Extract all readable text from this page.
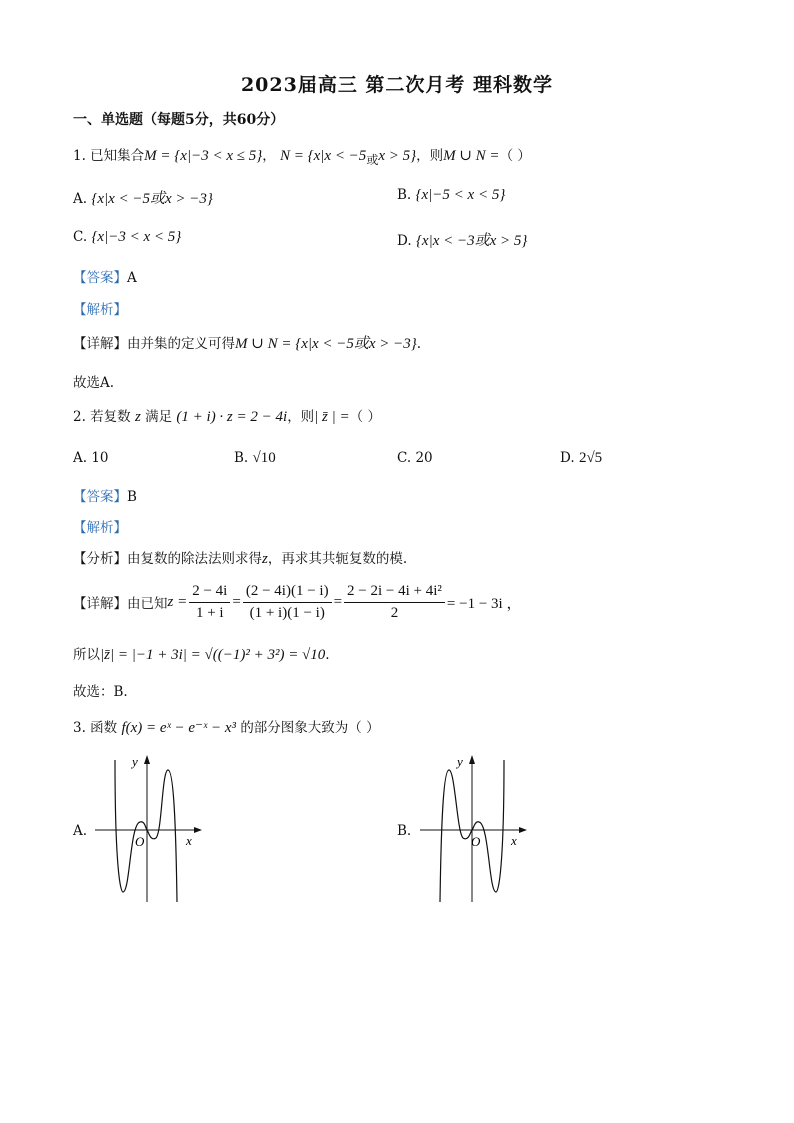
2023届高三 第二次月考 理科数学
一、单选题（每题5分，共60分）
1. 已知集合M = {x|−3 < x ≤ 5}， N = {x|x < −5或x > 5}，则M ∪ N =（ ）
A. {x|x < −5或x > −3}	B. {x|−5 < x < 5}
C. {x|−3 < x < 5}	D. {x|x < −3或x > 5}
【答案】A
【解析】
【详解】由并集的定义可得M ∪ N = {x|x < −5或x > −3}.
故选A.
2. 若复数 z 满足 (1 + i) · z = 2 − 4i，则| z̄ | =（ ）
A. 10	B. √10	C. 20	D. 2√5
【答案】B
【解析】
【分析】由复数的除法法则求得z，再求其共轭复数的模.
【详解】 由已知 $z = \frac{2 - 4i}{1 + i} = \frac{(2 - 4i)(1 - i)}{(1 + i)(1 - i)} = \frac{\text{2 − 2i − 4i + 4i²}}{2} = -1 - 3i$ ，
所以|z̄| = |−1 + 3i| = √((−1)² + 3²) = √10.
故选：B.
3. 函数 f(x) = eˣ − e⁻ˣ − x³ 的部分图象大致为（ ）
A.
y
x
O
B.
y
x
O
